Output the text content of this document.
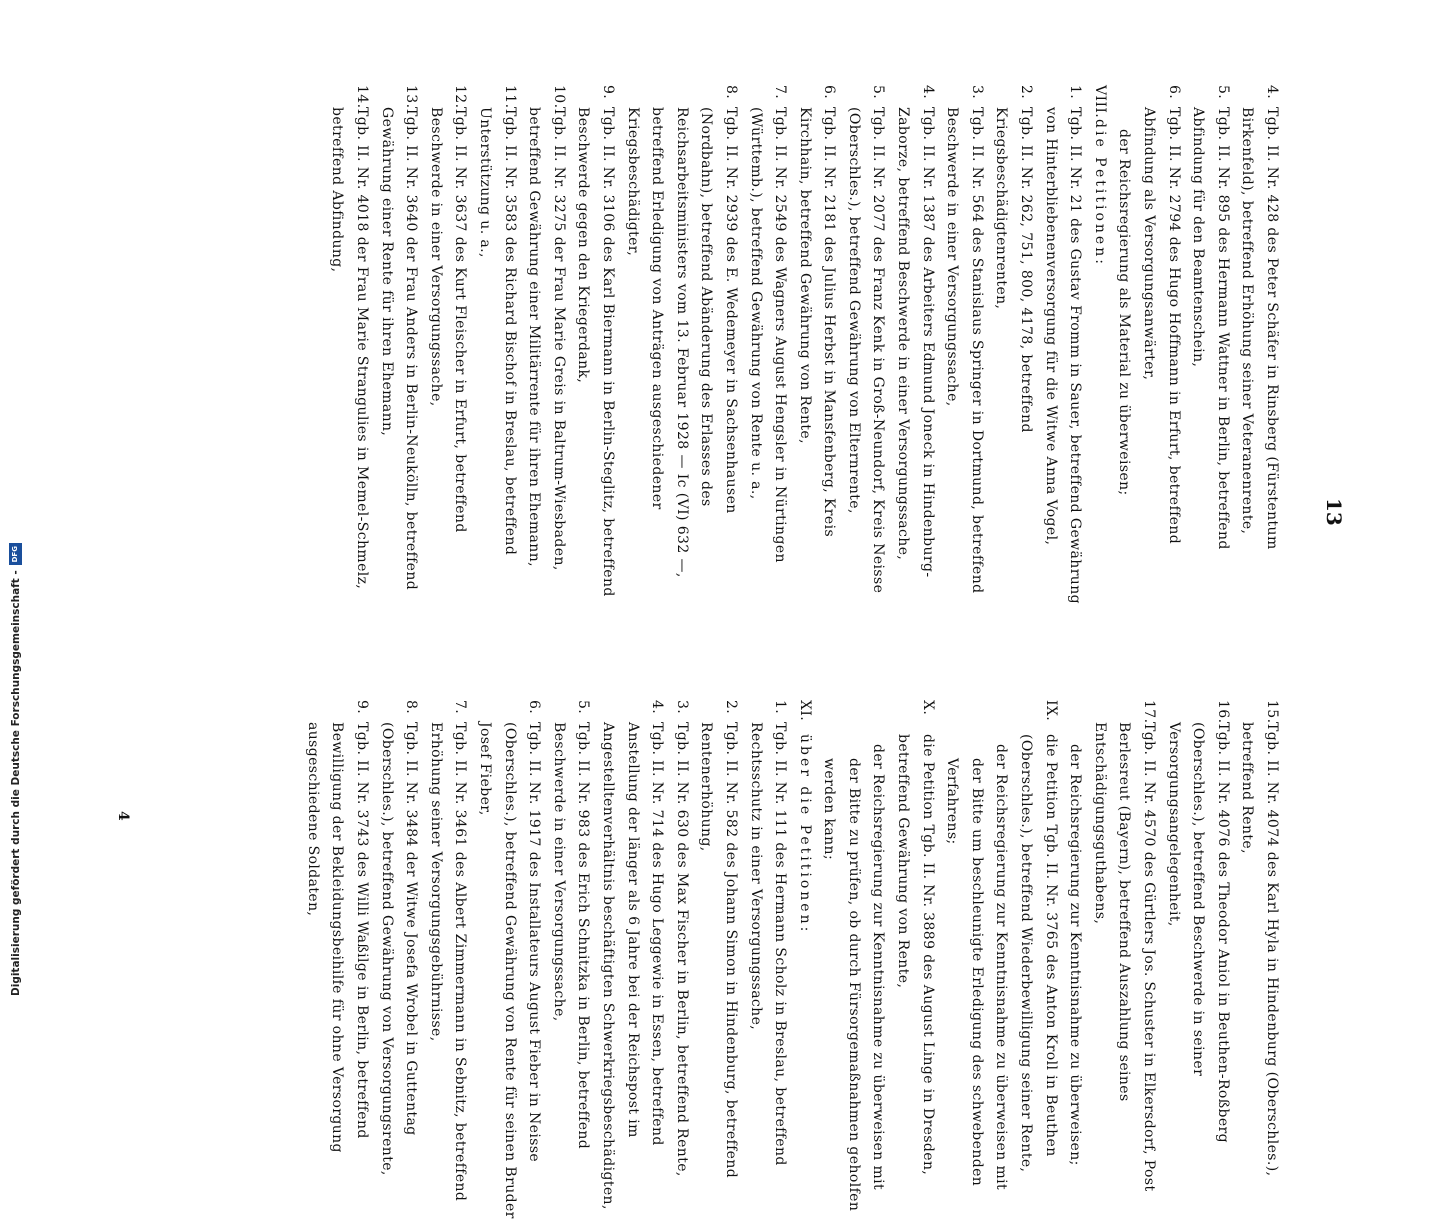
13

4.
Tgb. II. Nr. 428 des Peter Schäfer in Rinsberg (Fürstentum Birkenfeld), betreffend Erhöhung seiner Veteranenrente,

5.
Tgb. II. Nr. 895 des Hermann Wattner in Berlin, betreffend Abfindung für den Beamtenschein,

6.
Tgb. II. Nr. 2794 des Hugo Hoffmann in Erfurt, betreffend Abfindung als Versorgungsanwärter,

der Reichsregierung als Material zu überweisen;

VIII.
die Petitionen:

1.
Tgb. II. Nr. 21 des Gustav Fromm in Sauer, betreffend Gewährung von Hinterbliebenenversorgung für die Witwe Anna Vogel,

2.
Tgb. II. Nr. 262, 751, 800, 4178, betreffend Kriegsbeschädigtenrenten,

3.
Tgb. II. Nr. 564 des Stanislaus Springer in Dortmund, betreffend Beschwerde in einer Versorgungssache,

4.
Tgb. II. Nr. 1387 des Arbeiters Edmund Joneck in Hindenburg-Zaborze, betreffend Beschwerde in einer Versorgungssache,

5.
Tgb. II. Nr. 2077 des Franz Kenk in Groß-Neundorf, Kreis Neisse (Oberschles.), betreffend Gewährung von Elternrente,

6.
Tgb. II. Nr. 2181 des Julius Herbst in Mansfenberg, Kreis Kirchhain, betreffend Gewährung von Rente,

7.
Tgb. II. Nr. 2549 des Wagners August Hengsler in Nürtingen (Württemb.), betreffend Gewährung von Rente u. a.,

8.
Tgb. II. Nr. 2939 des E. Wedemeyer in Sachsenhausen (Nordbahn), betreffend Abänderung des Erlasses des Reichsarbeitsministers vom 13. Februar 1928 — Ic (VI) 632 —, betreffend Erledigung von Anträgen ausgeschiedener Kriegsbeschädigter,

9.
Tgb. II. Nr. 3106 des Karl Biermann in Berlin-Steglitz, betreffend Beschwerde gegen den Kriegerdank,

10.
Tgb. II. Nr. 3275 der Frau Marie Greis in Baltrum-Wiesbaden, betreffend Gewährung einer Militärrente für ihren Ehemann,

11.
Tgb. II. Nr. 3583 des Richard Bischof in Breslau, betreffend Unterstützung u. a.,

12.
Tgb. II. Nr. 3637 des Kurt Fleischer in Erfurt, betreffend Beschwerde in einer Versorgungssache,

13.
Tgb. II. Nr. 3640 der Frau Anders in Berlin-Neukölln, betreffend Gewährung einer Rente für ihren Ehemann,

14.
Tgb. II. Nr. 4018 der Frau Marie Strangulies in Memel-Schmelz, betreffend Abfindung,

15.
Tgb. II. Nr. 4074 des Karl Hyla in Hindenburg (Oberschles.), betreffend Rente,

16.
Tgb. II. Nr. 4076 des Theodor Aniol in Beuthen-Roßberg (Oberschles.), betreffend Beschwerde in seiner Versorgungsangelegenheit,

17.
Tgb. II. Nr. 4570 des Gürtlers Jos. Schuster in Elkersdorf, Post Berlesreut (Bayern), betreffend Auszahlung seines Entschädigungsguthabens,

der Reichsregierung zur Kenntnisnahme zu überweisen;

IX.
die Petition Tgb. II. Nr. 3765 des Anton Kroll in Beuthen (Oberschles.), betreffend Wiederbewilligung seiner Rente,

der Reichsregierung zur Kenntnisnahme zu überweisen mit der Bitte um beschleunigte Erledigung des schwebenden Verfahrens;

X.
die Petition Tgb. II. Nr. 3889 des August Linge in Dresden, betreffend Gewährung von Rente,

der Reichsregierung zur Kenntnisnahme zu überweisen mit der Bitte zu prüfen, ob durch Fürsorgemaßnahmen geholfen werden kann;

XI.
über die Petitionen:

1.
Tgb. II. Nr. 111 des Hermann Scholz in Breslau, betreffend Rechtsschutz in einer Versorgungssache,

2.
Tgb. II. Nr. 582 des Johann Simon in Hindenburg, betreffend Rentenerhöhung,

3.
Tgb. II. Nr. 630 des Max Fischer in Berlin, betreffend Rente,

4.
Tgb. II. Nr. 714 des Hugo Leggewie in Essen, betreffend Anstellung der länger als 6 Jahre bei der Reichspost im Angestelltenverhältnis beschäftigten Schwerkriegsbeschädigten,

5.
Tgb. II. Nr. 983 des Erich Schnitzka in Berlin, betreffend Beschwerde in einer Versorgungssache,

6.
Tgb. II. Nr. 1917 des Installateurs August Fieber in Neisse (Oberschles.), betreffend Gewährung von Rente für seinen Bruder Josef Fieber,

7.
Tgb. II. Nr. 3461 des Albert Zimmermann in Sebnitz, betreffend Erhöhung seiner Versorgungsgebührnisse,

8.
Tgb. II. Nr. 3484 der Witwe Josefa Wrobel in Guttentag (Oberschles.), betreffend Gewährung von Versorgungsrente,

9.
Tgb. II. Nr. 3743 des Willi Waßilge in Berlin, betreffend Bewilligung der Bekleidungsbeihilfe für ohne Versorgung ausgeschiedene Soldaten,

4
Digitalisierung gefördert durch die Deutsche Forschungsgemeinschaft -
DFG
